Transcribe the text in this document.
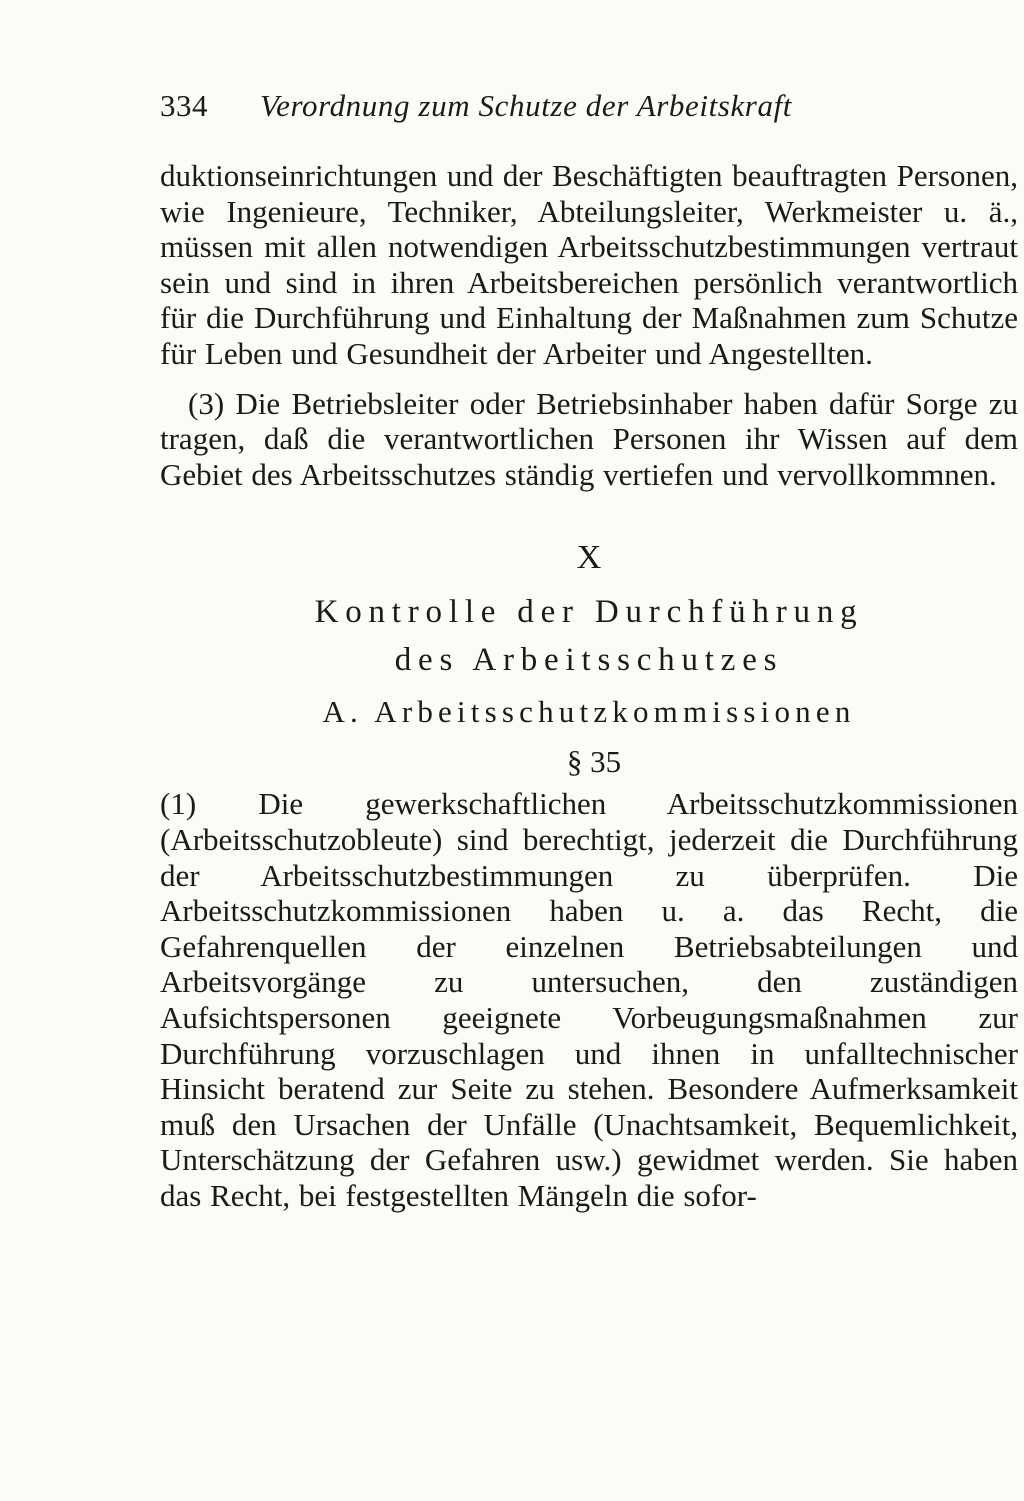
334	Verordnung zum Schutze der Arbeitskraft

duktionseinrichtungen und der Beschäftigten beauftragten Personen, wie Ingenieure, Techniker, Abteilungsleiter, Werkmeister u. ä., müssen mit allen notwendigen Arbeitsschutzbestimmungen vertraut sein und sind in ihren Arbeitsbereichen persönlich verantwortlich für die Durchführung und Einhaltung der Maßnahmen zum Schutze für Leben und Gesundheit der Arbeiter und Angestellten.

(3) Die Betriebsleiter oder Betriebsinhaber haben dafür Sorge zu tragen, daß die verantwortlichen Personen ihr Wissen auf dem Gebiet des Arbeitsschutzes ständig vertiefen und vervollkommnen.

X
Kontrolle der Durchführung
des Arbeitsschutzes
A. Arbeitsschutzkommissionen
§ 35

(1) Die gewerkschaftlichen Arbeitsschutzkommissionen (Arbeitsschutzobleute) sind berechtigt, jederzeit die Durchführung der Arbeitsschutzbestimmungen zu überprüfen. Die Arbeitsschutzkommissionen haben u. a. das Recht, die Gefahrenquellen der einzelnen Betriebsabteilungen und Arbeitsvorgänge zu untersuchen, den zuständigen Aufsichtspersonen geeignete Vorbeugungsmaßnahmen zur Durchführung vorzuschlagen und ihnen in unfalltechnischer Hinsicht beratend zur Seite zu stehen. Besondere Aufmerksamkeit muß den Ursachen der Unfälle (Unachtsamkeit, Bequemlichkeit, Unterschätzung der Gefahren usw.) gewidmet werden. Sie haben das Recht, bei festgestellten Mängeln die sofor-
